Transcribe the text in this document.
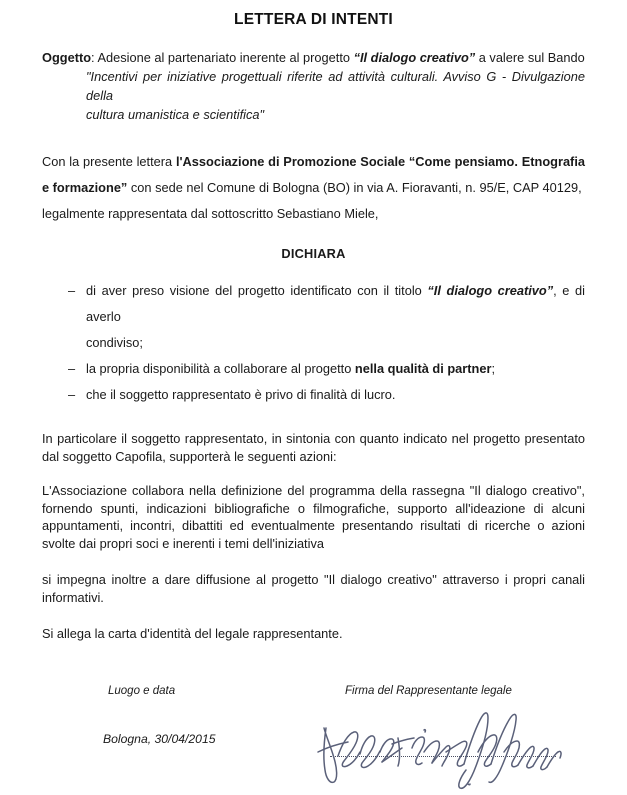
LETTERA DI INTENTI
Oggetto: Adesione al partenariato inerente al progetto “Il dialogo creativo” a valere sul Bando
"Incentivi per iniziative progettuali riferite ad attività culturali. Avviso G - Divulgazione della
cultura umanistica e scientifica"
Con la presente lettera l'Associazione di Promozione Sociale “Come pensiamo. Etnografia e formazione” con sede nel Comune di Bologna (BO) in via A. Fioravanti, n. 95/E, CAP 40129,
legalmente rappresentata dal sottoscritto Sebastiano Miele,
DICHIARA
– di aver preso visione del progetto identificato con il titolo “Il dialogo creativo”, e di averlo
condiviso;
– la propria disponibilità a collaborare al progetto nella qualità di partner;
– che il soggetto rappresentato è privo di finalità di lucro.
In particolare il soggetto rappresentato, in sintonia con quanto indicato nel progetto presentato dal soggetto Capofila, supporterà le seguenti azioni:
L'Associazione collabora nella definizione del programma della rassegna "Il dialogo creativo", fornendo spunti, indicazioni bibliografiche o filmografiche, supporto all'ideazione di alcuni appuntamenti, incontri, dibattiti ed eventualmente presentando risultati di ricerche o azioni svolte dai propri soci e inerenti i temi dell'iniziativa
si impegna inoltre a dare diffusione al progetto "Il dialogo creativo" attraverso i propri canali informativi.
Si allega la carta d'identità del legale rappresentante.
Luogo e data	Firma del Rappresentante legale
Bologna, 30/04/2015
